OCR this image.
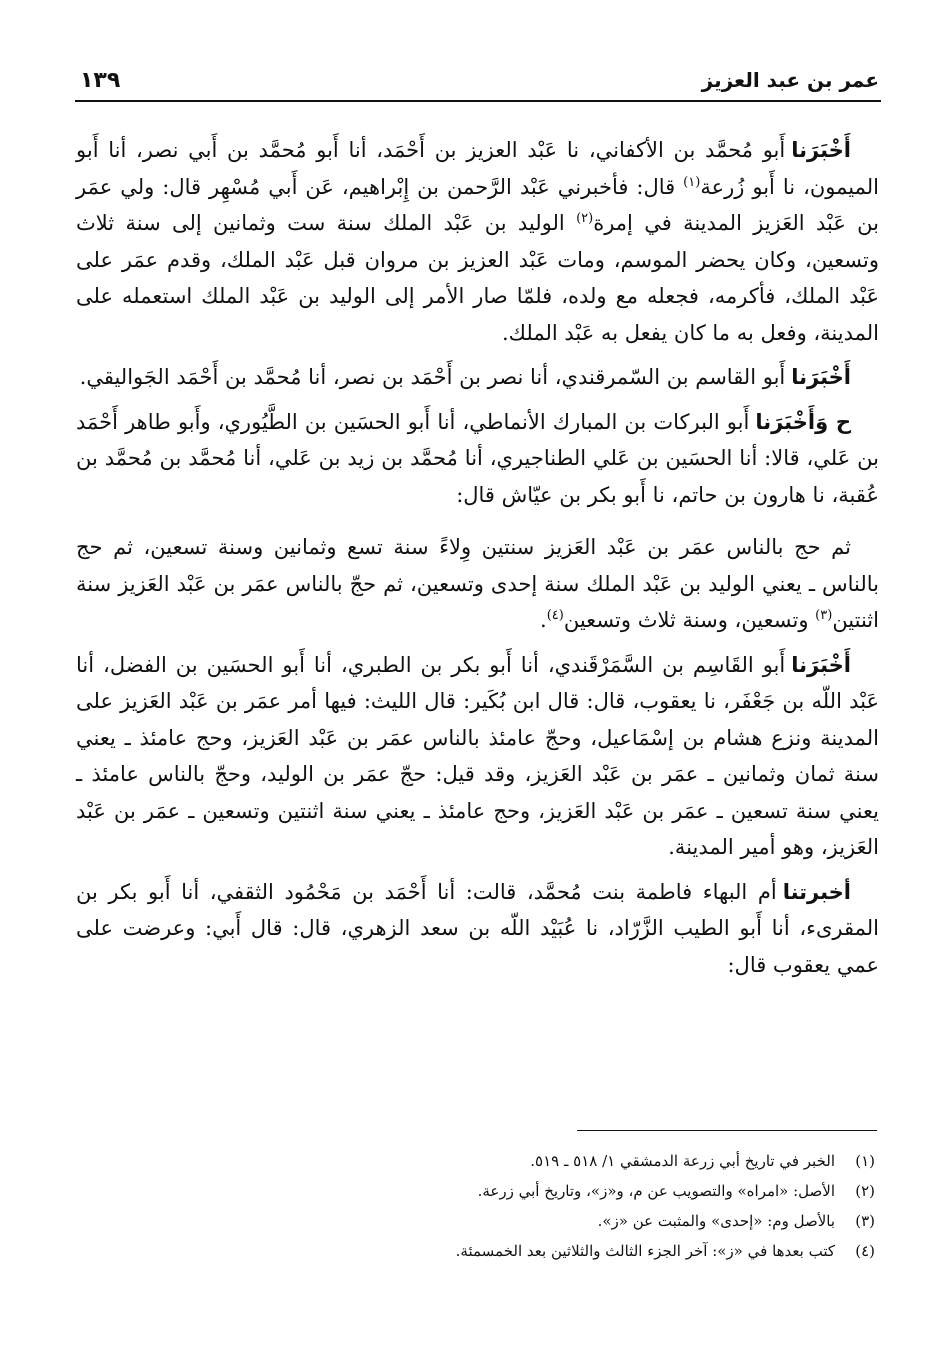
عمر بن عبد العزيز
١٣٩

أَخْبَرَناأَبو مُحمَّد بن الأكفاني، نا عَبْد العزيز بن أَحْمَد، أنا أَبو مُحمَّد بن أَبي نصر، أنا أَبو الميمون، نا أَبو زُرعة$^{(١)}$ قال: فأخبرني عَبْد الرَّحمن بن إِبْراهيم، عَن أَبي مُسْهِر قال: ولي عمَر بن عَبْد العَزيز المدينة في إمرة$^{(٢)}$ الوليد بن عَبْد الملك سنة ست وثمانين إلى سنة ثلاث وتسعين، وكان يحضر الموسم، ومات عَبْد العزيز بن مروان قبل عَبْد الملك، وقدم عمَر على عَبْد الملك، فأكرمه، فجعله مع ولده، فلمّا صار الأمر إلى الوليد بن عَبْد الملك استعمله على المدينة، وفعل به ما كان يفعل به عَبْد الملك.

أَخْبَرَناأَبو القاسم بن السّمرقندي، أنا نصر بن أَحْمَد بن نصر، أنا مُحمَّد بن أَحْمَد الجَواليقي.

ح وَأَخْبَرَناأَبو البركات بن المبارك الأنماطي، أنا أَبو الحسَين بن الطَّيُوري، وأَبو طاهر أَحْمَد بن عَلي، قالا: أنا الحسَين بن عَلي الطناجيري، أنا مُحمَّد بن زيد بن عَلي، أنا مُحمَّد بن مُحمَّد بن عُقبة، نا هارون بن حاتم، نا أَبو بكر بن عيّاش قال:

ثم حج بالناس عمَر بن عَبْد العَزيز سنتين وِلاءً سنة تسع وثمانين وسنة تسعين، ثم حج بالناس ـ يعني الوليد بن عَبْد الملك سنة إحدى وتسعين، ثم حجّ بالناس عمَر بن عَبْد العَزيز سنة اثنتين$^{(٣)}$ وتسعين، وسنة ثلاث وتسعين$^{(٤)}$.

أَخْبَرَناأَبو القَاسِم بن السَّمَرْقَندي، أنا أَبو بكر بن الطبري، أنا أَبو الحسَين بن الفضل، أنا عَبْد اللّه بن جَعْفَر، نا يعقوب، قال: قال ابن بُكَير: قال الليث: فيها أمر عمَر بن عَبْد العَزيز على المدينة ونزع هشام بن إسْمَاعيل، وحجّ عامئذ بالناس عمَر بن عَبْد العَزيز، وحج عامئذ ـ يعني سنة ثمان وثمانين ـ عمَر بن عَبْد العَزيز، وقد قيل: حجّ عمَر بن الوليد، وحجّ بالناس عامئذ ـ يعني سنة تسعين ـ عمَر بن عَبْد العَزيز، وحج عامئذ ـ يعني سنة اثنتين وتسعين ـ عمَر بن عَبْد العَزيز، وهو أمير المدينة.

أخبرتناأم البهاء فاطمة بنت مُحمَّد، قالت: أنا أَحْمَد بن مَحْمُود الثقفي، أنا أَبو بكر بن المقرىء، أنا أَبو الطيب الزَّرّاد، نا عُبَيْد اللّه بن سعد الزهري، قال: قال أَبي: وعرضت على عمي يعقوب قال:

(١)
الخبر في تاريخ أبي زرعة الدمشقي ١/ ٥١٨ ـ ٥١٩.
(٢)
الأصل: «امراه» والتصويب عن م، و«ز»، وتاريخ أبي زرعة.
(٣)
بالأصل وم: «إحدى» والمثبت عن «ز».
(٤)
كتب بعدها في «ز»: آخر الجزء الثالث والثلاثين بعد الخمسمئة.
